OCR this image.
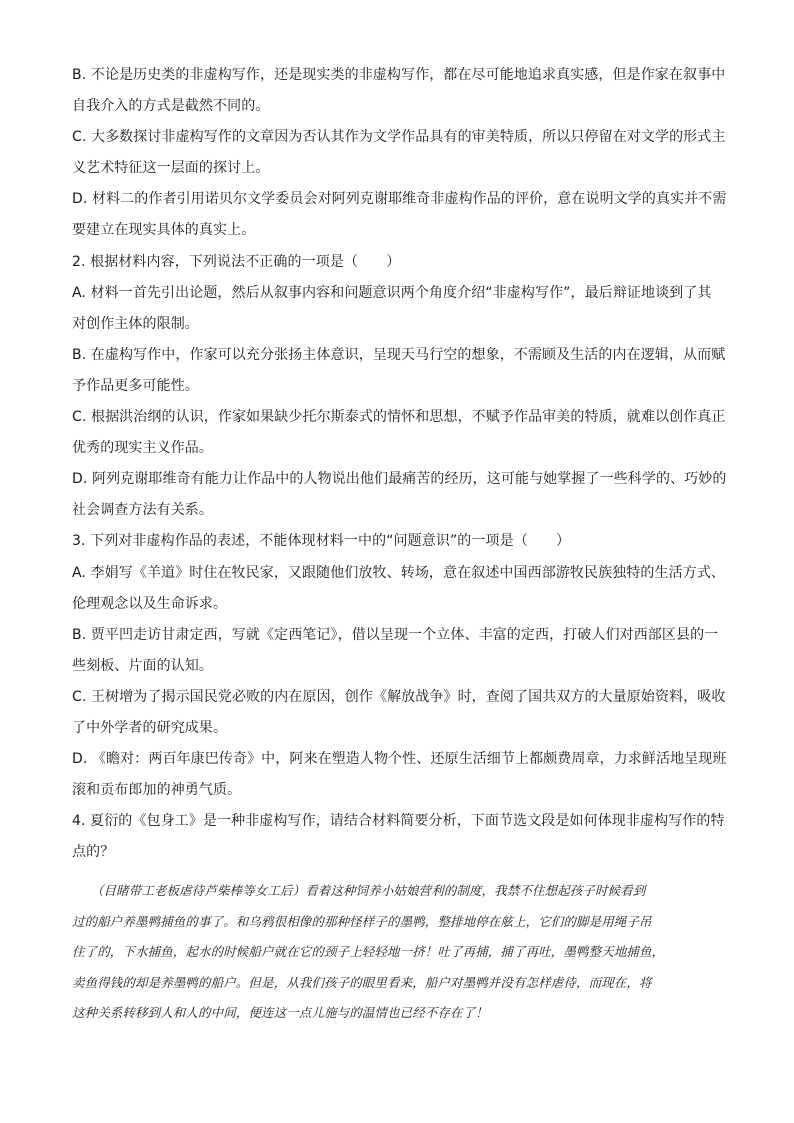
B. 不论是历史类的非虚构写作，还是现实类的非虚构写作，都在尽可能地追求真实感，但是作家在叙事中
自我介入的方式是截然不同的。
C. 大多数探讨非虚构写作的文章因为否认其作为文学作品具有的审美特质，所以只停留在对文学的形式主
义艺术特征这一层面的探讨上。
D. 材料二的作者引用诺贝尔文学委员会对阿列克谢耶维奇非虚构作品的评价，意在说明文学的真实并不需
要建立在现实具体的真实上。
2. 根据材料内容，下列说法不正确的一项是（　　）
A. 材料一首先引出论题，然后从叙事内容和问题意识两个角度介绍“非虚构写作”，最后辩证地谈到了其
对创作主体的限制。
B. 在虚构写作中，作家可以充分张扬主体意识，呈现天马行空的想象，不需顾及生活的内在逻辑，从而赋
予作品更多可能性。
C. 根据洪治纲的认识，作家如果缺少托尔斯泰式的情怀和思想，不赋予作品审美的特质，就难以创作真正
优秀的现实主义作品。
D. 阿列克谢耶维奇有能力让作品中的人物说出他们最痛苦的经历，这可能与她掌握了一些科学的、巧妙的
社会调查方法有关系。
3. 下列对非虚构作品的表述，不能体现材料一中的“问题意识”的一项是（　　）
A. 李娟写《羊道》时住在牧民家，又跟随他们放牧、转场，意在叙述中国西部游牧民族独特的生活方式、
伦理观念以及生命诉求。
B. 贾平凹走访甘肃定西，写就《定西笔记》，借以呈现一个立体、丰富的定西，打破人们对西部区县的一
些刻板、片面的认知。
C. 王树增为了揭示国民党必败的内在原因，创作《解放战争》时，查阅了国共双方的大量原始资料，吸收
了中外学者的研究成果。
D. 《瞻对：两百年康巴传奇》中，阿来在塑造人物个性、还原生活细节上都颇费周章，力求鲜活地呈现班
滚和贡布郎加的神勇气质。
4. 夏衍的《包身工》是一种非虚构写作，请结合材料简要分析，下面节选文段是如何体现非虚构写作的特
点的？
　　（目睹带工老板虐待芦柴棒等女工后）看着这种饲养小姑娘营利的制度，我禁不住想起孩子时候看到
过的船户养墨鸭捕鱼的事了。和乌鸦很相像的那种怪样子的墨鸭，整排地停在舷上，它们的脚是用绳子吊
住了的，下水捕鱼，起水的时候船户就在它的颈子上轻轻地一挤！吐了再捕，捕了再吐，墨鸭整天地捕鱼，
卖鱼得钱的却是养墨鸭的船户。但是，从我们孩子的眼里看来，船户对墨鸭并没有怎样虐待，而现在，将
这种关系转移到人和人的中间，便连这一点儿施与的温情也已经不存在了！
